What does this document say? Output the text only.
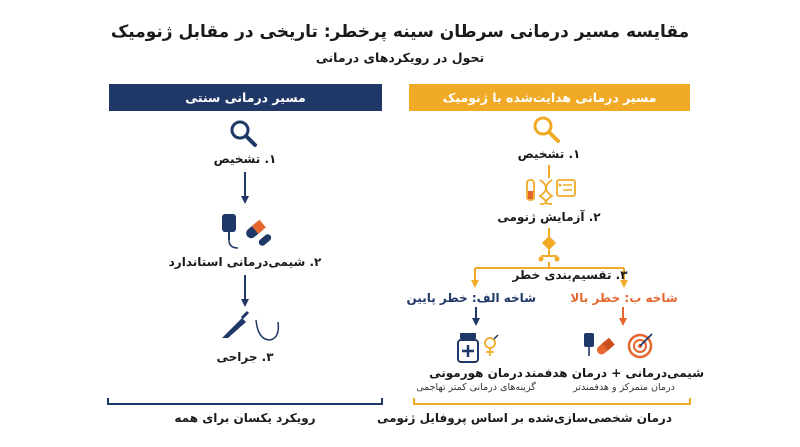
مقایسه مسیر درمانی سرطان سینه پرخطر: تاریخی در مقابل ژنومیک
تحول در رویکردهای درمانی
مسیر درمانی سنتی	مسیر درمانی هدایت‌شده با ژنومیک
۱. تشخیص
۲. شیمی‌درمانی استاندارد
۳. جراحی
رویکرد یکسان برای همه
۱. تشخیص
۲. آزمایش ژنومی
۳. تقسیم‌بندی خطر
شاخه الف: خطر پایین	شاخه ب: خطر بالا
درمان هورمونی
گزینه‌های درمانی کمتر تهاجمی
شیمی‌درمانی + درمان هدفمند
درمان متمرکز و هدفمندتر
درمان شخصی‌سازی‌شده بر اساس پروفایل ژنومی
